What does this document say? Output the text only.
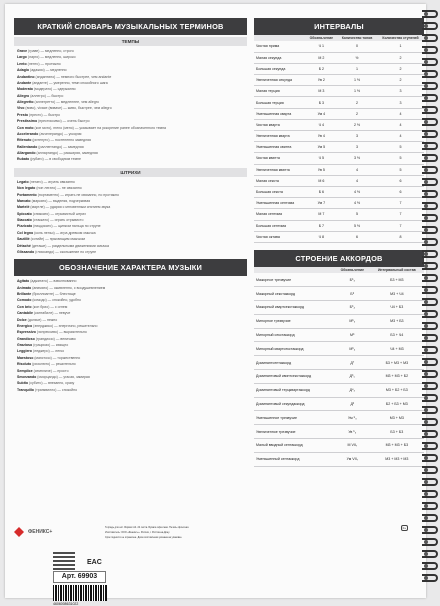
КРАТКИЙ СЛОВАРЬ МУЗЫКАЛЬНЫХ ТЕРМИНОВ
ТЕМПЫ
Grave (граве) — медленно, строго
Largo (ларго) — медленно, широко
Lento (ленто) — протяжно
Adagio (адажио) — медленно
Andantino (андантино) — немного быстрее, чем andante
Andante (анданте) — умеренно, темп спокойного шага
Moderato (модерато) — сдержанно
Allegro (аллегро) — быстро
Allegretto (аллегретто) — медленнее, чем allegro
Vivo (виво), vivace (виваче) — живо, быстрее, чем allegro
Presto (престо) — быстро
Prestissimo (престиссимо) — очень быстро
Con moto (кон мото), meno (мено) — указывает на ускорение ранее обозначенного темпа
Accelerando (аччелерандо) — ускоряя
Ritenuto (ритенуто) — постепенно замедляя
Rallentando (раллентандо) — замедляя
Allargando (алларгандо) — расширяя, замедляя
Rubato (рубато) — в свободном темпе
ШТРИХИ
Legato (легато) — играть связанно
Non legato (нон легато) — не связанно
Portamento (портаменто) — играть не связанно, но протяжно
Marcato (маркато) — выделяя, подчеркивая
Martelé (мартле) — ударяя с мгновенным снятием звука
Spiccato (спиккато) — отрывистый штрих
Staccato (стаккато) — играть отрывисто
Pizzicato (пиццикато) — щипком пальца по струне
Col legno (коль леньо) — игра древком смычка
Sautillé (сотийе) — прыгающим смычком
Détaché (деташе) — раздельными движениями смычка
Glissando (глиссандо) — скольжение по струне
ОБОЗНАЧЕНИЕ ХАРАКТЕРА МУЗЫКИ
Agitato (аджитато) — взволнованно
Animato (анимато) — оживленно, с воодушевлением
Brillante (бриллианте) — блестяще
Comodo (комодо) — спокойно, удобно
Con brio (кон брио) — с огнем
Cantabile (кантабиле) — певуче
Dolce (дольче) — нежно
Energico (энерджико) — энергично, решительно
Espressivo (эспрессиво) — выразительно
Grandioso (грандиозо) — величаво
Grazioso (грациозо) — изящно
Leggiero (леджеро) — легко
Maestoso (маэстозо) — торжественно
Risoluto (ризолюто) — решительно
Semplice (семпличе) — просто
Smorzando (сморцандо) — угасая, замирая
Subito (субито) — внезапно, сразу
Tranquillo (транквилло) — спокойно
ИНТЕРВАЛЫ
	Обозна-чение	Количество тонов	Количество ступеней
Чистая прима	Ч 1	0	1
Малая секунда	М 2	½	2
Большая секунда	Б 2	1	2
Увеличенная секунда	Ув 2	1 ½	2
Малая терция	М 3	1 ½	3
Большая терция	Б 3	2	3
Уменьшенная кварта	Ум 4	2	4
Чистая кварта	Ч 4	2 ½	4
Увеличенная кварта	Ув 4	3	4
Уменьшенная квинта	Ум 5	3	5
Чистая квинта	Ч 5	3 ½	5
Увеличенная квинта	Ув 5	4	5
Малая секста	М 6	4	6
Большая секста	Б 6	4 ½	6
Уменьшенная септима	Ум 7	4 ½	7
Малая септима	М 7	5	7
Большая септима	Б 7	5 ½	7
Чистая октава	Ч 8	6	8
СТРОЕНИЕ АККОРДОВ
	Обозна-чение	Интервальный состав
Мажорное трезвучие	Б⁵₃	Б3 + М3
Мажорный секстаккорд	Б⁶	М3 + Ч4
Мажорный квартсекстаккорд	Б⁶₄	Ч4 + Б3
Минорное трезвучие	М⁵₃	М3 + Б3
Минорный секстаккорд	М⁶	Б3 + Ч4
Минорный квартсекстаккорд	М⁶₄	Ч4 + М3
Доминантсептаккорд	Д⁷	Б3 + М3 + М3
Доминантовый квинтсекстаккорд	Д⁶₅	М3 + М3 + Б2
Доминантовый терцквартаккорд	Д⁴₃	М3 + Б2 + Б3
Доминантовый секундаккорд	Д²	Б2 + Б3 + М3
Уменьшенное трезвучие	Ум ⁵₃	М3 + М3
Увеличенное трезвучие	Ув ⁵₃	Б3 + Б3
Малый вводный септаккорд	М VII₇	М3 + М3 + Б3
Уменьшенный септаккорд	Ум VII₇	М3 + М3 + М3
ФЕНИКС+
EAC
Арт. 69903
4606008631022
Тетрадь для нот. Формат А4. 24 листа. Бумага офсетная. Печать офсетная.
Изготовитель: ООО «Феникс+». Россия, г. Ростов-на-Дону.
Срок годности не ограничен. Дата изготовления указана на упаковке.
0+
